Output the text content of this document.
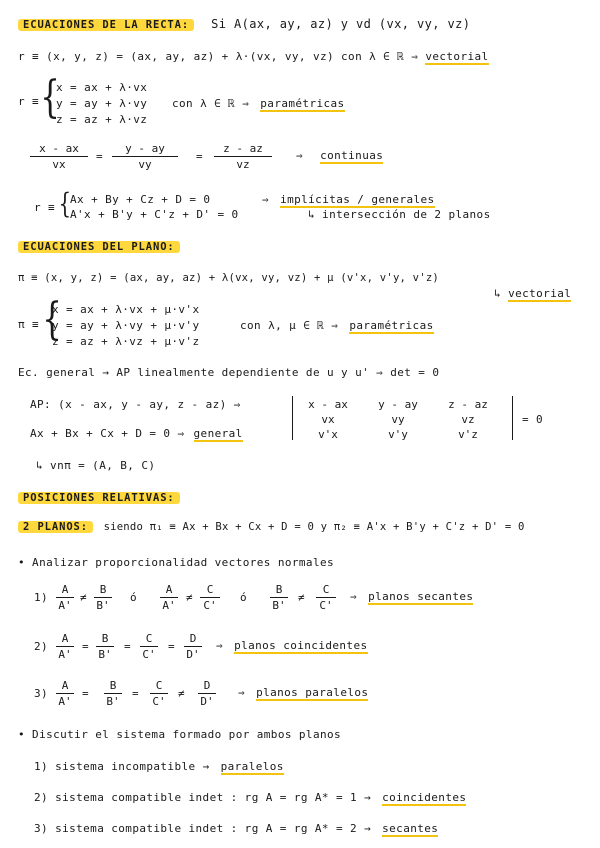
ECUACIONES DE LA RECTA: Si A(ax, ay, az) y vd (vx, vy, vz)
r ≡ (x, y, z) = (ax, ay, az) + λ·(vx, vy, vz) con λ ∈ ℝ ⇒ vectorial
r ≡ {
x = ax + λ·vx
y = ay + λ·vy
z = az + λ·vz
con λ ∈ ℝ ⇒ paramétricas
$\frac{x - ax}{vx} = \frac{y - ay}{vy} = \frac{z - az}{vz}$ ⇒ continuas
r ≡ {
Ax + By + Cz + D = 0
A'x + B'y + C'z + D' = 0
⇒ implícitas / generales
↳ intersección de 2 planos
ECUACIONES DEL PLANO:
π ≡ (x, y, z) = (ax, ay, az) + λ(vx, vy, vz) + μ (v'x, v'y, v'z)
↳ vectorial
π ≡ {
x = ax + λ·vx + μ·v'x
y = ay + λ·vy + μ·v'y
z = az + λ·vz + μ·v'z
con λ, μ ∈ ℝ ⇒ paramétricas
Ec. general → AP linealmente dependiente de u y u' ⇒ det = 0
AP: (x - ax, y - ay, z - az) ⇒	x - ax	y - ay	z - az
vx	vy	vz
v'x	v'y	v'z
= 0
Ax + Bx + Cx + D = 0 ⇒ general
↳ vnπ = (A, B, C)
POSICIONES RELATIVAS:
2 PLANOS: siendo π₁ ≡ Ax + Bx + Cx + D = 0 y π₂ ≡ A'x + B'y + C'z + D' = 0
• Analizar proporcionalidad vectores normales
$1) \frac{A}{A'} \ne \frac{B}{B'}$ ó $\frac{A}{A'} \ne \frac{C}{C'}$ ó $\frac{B}{B'} \ne \frac{C}{C'}$ ⇒ planos secantes
$2) \frac{A}{A'} = \frac{B}{B'} = \frac{C}{C'} = \frac{D}{D'}$ ⇒ planos coincidentes
$3) \frac{A}{A'} = \frac{B}{B'} = \frac{C}{C'} \ne \frac{D}{D'}$ ⇒ planos paralelos
• Discutir el sistema formado por ambos planos
1) sistema incompatible → paralelos
2) sistema compatible indet : rg A = rg A* = 1 → coincidentes
3) sistema compatible indet : rg A = rg A* = 2 → secantes
